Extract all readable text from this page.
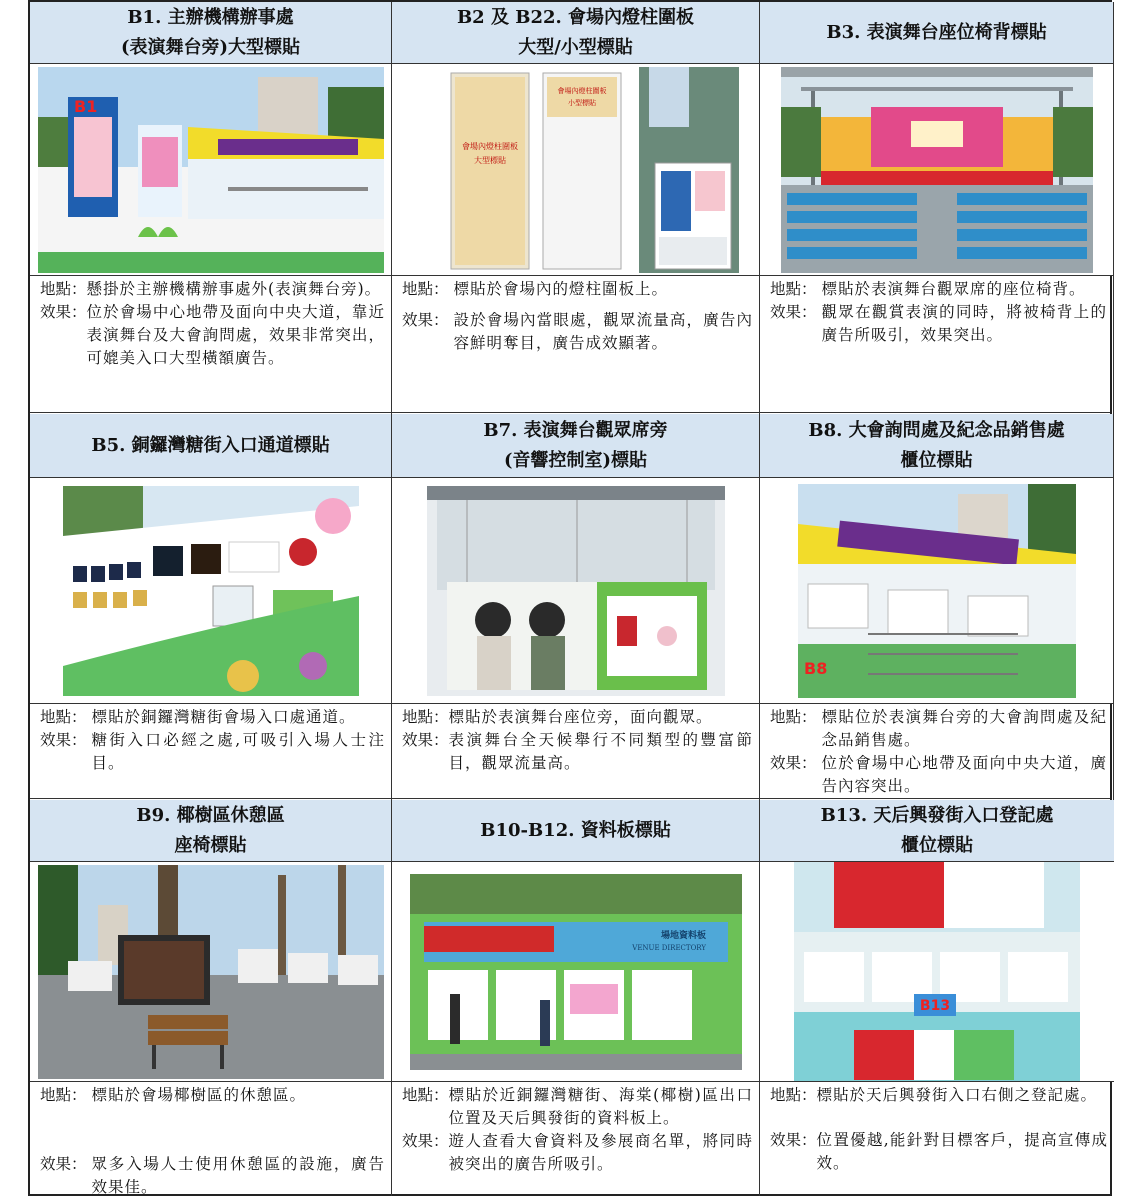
B1. 主辦機構辦事處
(表演舞台旁)大型標貼
B1
地點： 懸掛於主辦機構辦事處外(表演舞台旁)。
效果： 位於會場中心地帶及面向中央大道，靠近表演舞台及大會詢問處，效果非常突出，可媲美入口大型橫額廣告。
B2 及 B22. 會場內燈柱圍板
大型/小型標貼
會場內燈柱圍板
大型標貼
會場內燈柱圍板
小型標貼
地點： 標貼於會場內的燈柱圍板上。
效果： 設於會場內當眼處，觀眾流量高，廣告內容鮮明奪目，廣告成效顯著。
B3. 表演舞台座位椅背標貼
地點： 標貼於表演舞台觀眾席的座位椅背。
效果： 觀眾在觀賞表演的同時，將被椅背上的廣告所吸引，效果突出。
B5. 銅鑼灣糖街入口通道標貼
地點： 標貼於銅鑼灣糖街會場入口處通道。
效果： 糖街入口必經之處,可吸引入場人士注目。
B7. 表演舞台觀眾席旁
(音響控制室)標貼
地點： 標貼於表演舞台座位旁，面向觀眾。
效果： 表演舞台全天候舉行不同類型的豐富節目，觀眾流量高。
B8. 大會詢問處及紀念品銷售處
櫃位標貼
B8
地點： 標貼位於表演舞台旁的大會詢問處及紀念品銷售處。
效果： 位於會場中心地帶及面向中央大道，廣告內容突出。
B9. 椰樹區休憩區
座椅標貼
地點： 標貼於會場椰樹區的休憩區。
效果： 眾多入場人士使用休憩區的設施，廣告效果佳。
B10-B12. 資料板標貼
場地資料板
VENUE DIRECTORY
地點： 標貼於近銅鑼灣糖街、海棠(椰樹)區出口位置及天后興發街的資料板上。
效果： 遊人查看大會資料及參展商名單，將同時被突出的廣告所吸引。
B13. 天后興發街入口登記處
櫃位標貼
B13
地點： 標貼於天后興發街入口右側之登記處。
效果： 位置優越,能針對目標客戶，提高宣傳成效。
